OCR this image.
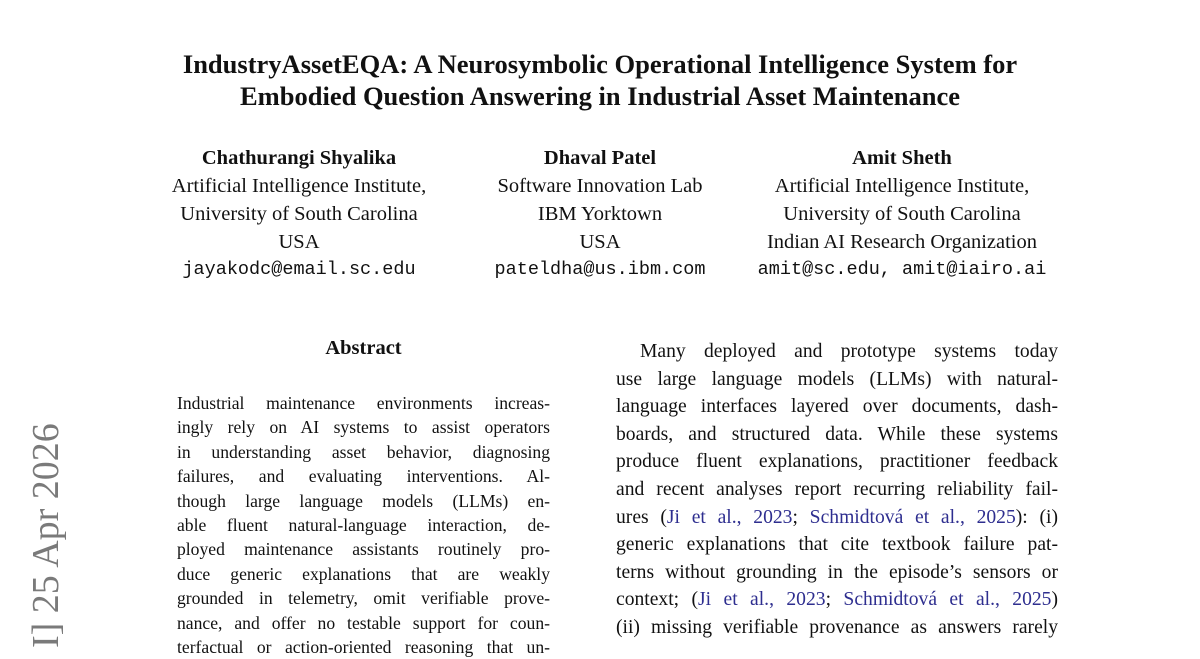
IndustryAssetEQA: A Neurosymbolic Operational Intelligence System for
Embodied Question Answering in Industrial Asset Maintenance
Chathurangi Shyalika
Artificial Intelligence Institute,
University of South Carolina
USA
jayakodc@email.sc.edu
Dhaval Patel
Software Innovation Lab
IBM Yorktown
USA
pateldha@us.ibm.com
Amit Sheth
Artificial Intelligence Institute,
University of South Carolina
Indian AI Research Organization
amit@sc.edu, amit@iairo.ai
I] 25 Apr 2026
Abstract
Industrial maintenance environments increas-
ingly rely on AI systems to assist operators
in understanding asset behavior, diagnosing
failures, and evaluating interventions. Al-
though large language models (LLMs) en-
able fluent natural-language interaction, de-
ployed maintenance assistants routinely pro-
duce generic explanations that are weakly
grounded in telemetry, omit verifiable prove-
nance, and offer no testable support for coun-
terfactual or action-oriented reasoning that un-
Many deployed and prototype systems today
use large language models (LLMs) with natural-
language interfaces layered over documents, dash-
boards, and structured data. While these systems
produce fluent explanations, practitioner feedback
and recent analyses report recurring reliability fail-
ures (Ji et al., 2023; Schmidtová et al., 2025): (i)
generic explanations that cite textbook failure pat-
terns without grounding in the episode’s sensors or
context; (Ji et al., 2023; Schmidtová et al., 2025)
(ii) missing verifiable provenance as answers rarely
